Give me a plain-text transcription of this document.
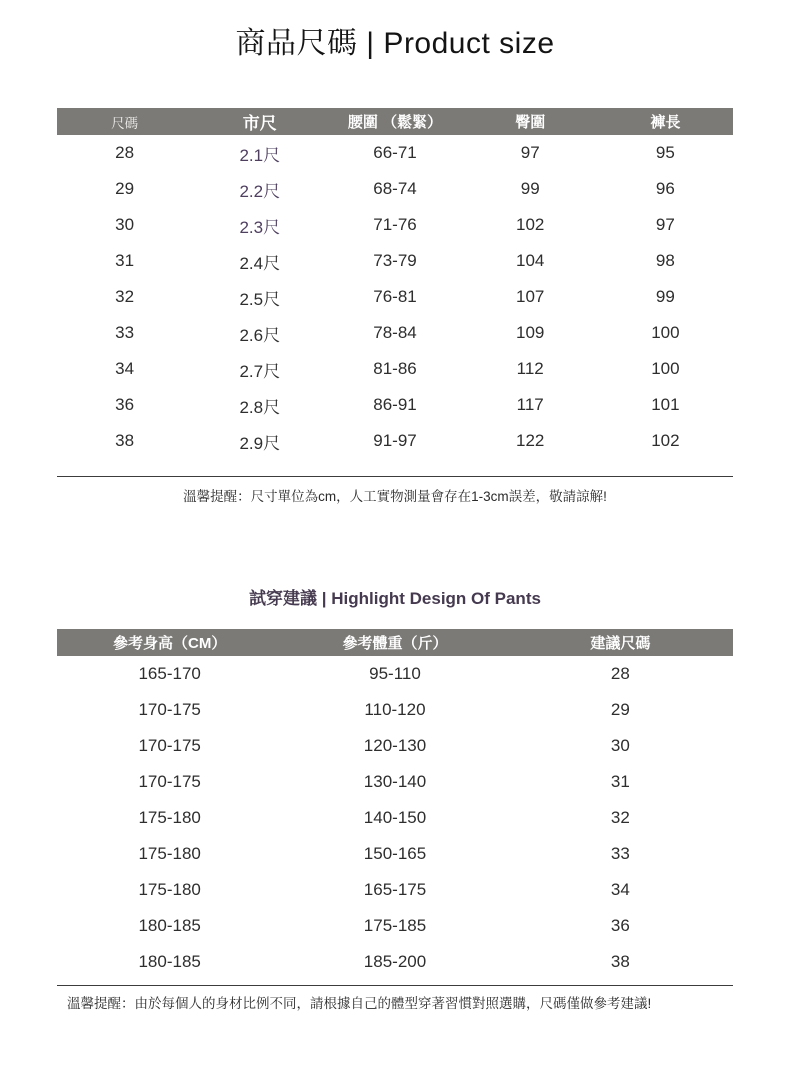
商品尺碼 | Product size
尺碼	市尺	腰圍 （鬆緊）	臀圍	褲長
28	2.1尺	66-71	97	95
29	2.2尺	68-74	99	96
30	2.3尺	71-76	102	97
31	2.4尺	73-79	104	98
32	2.5尺	76-81	107	99
33	2.6尺	78-84	109	100
34	2.7尺	81-86	112	100
36	2.8尺	86-91	117	101
38	2.9尺	91-97	122	102

溫馨提醒：尺寸單位為cm，人工實物測量會存在1-3cm誤差，敬請諒解!

試穿建議 | Highlight Design Of Pants
參考身高（CM）	參考體重（斤）	建議尺碼
165-170	95-110	28
170-175	110-120	29
170-175	120-130	30
170-175	130-140	31
175-180	140-150	32
175-180	150-165	33
175-180	165-175	34
180-185	175-185	36
180-185	185-200	38

溫馨提醒：由於每個人的身材比例不同，請根據自己的體型穿著習慣對照選購，尺碼僅做參考建議!
